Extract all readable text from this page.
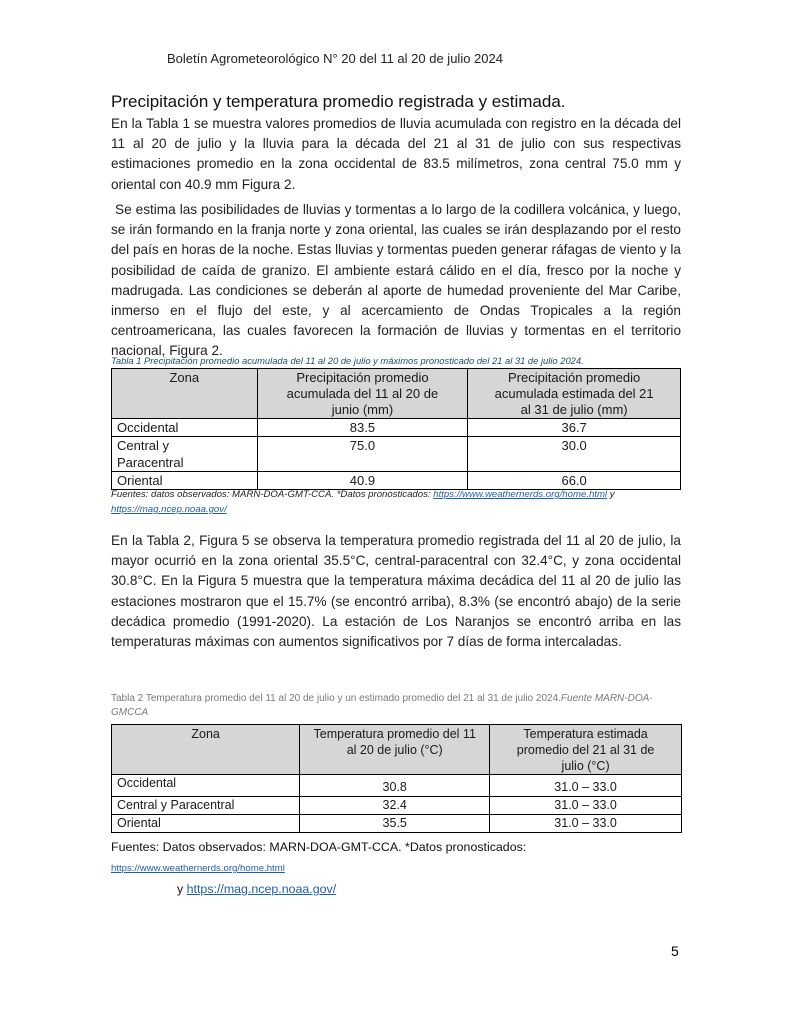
Boletín Agrometeorológico N° 20 del 11 al 20 de julio 2024
Precipitación y temperatura promedio registrada y estimada.

En la Tabla 1 se muestra valores promedios de lluvia acumulada con registro en la década del 11 al 20 de julio y la lluvia para la década del 21 al 31 de julio con sus respectivas estimaciones promedio en la zona occidental de 83.5 milímetros, zona central 75.0 mm y oriental con 40.9 mm Figura 2.

Se estima las posibilidades de lluvias y tormentas a lo largo de la codillera volcánica, y luego, se irán formando en la franja norte y zona oriental, las cuales se irán desplazando por el resto del país en horas de la noche. Estas lluvias y tormentas pueden generar ráfagas de viento y la posibilidad de caída de granizo. El ambiente estará cálido en el día, fresco por la noche y madrugada. Las condiciones se deberán al aporte de humedad proveniente del Mar Caribe, inmerso en el flujo del este, y al acercamiento de Ondas Tropicales a la región centroamericana, las cuales favorecen la formación de lluvias y tormentas en el territorio nacional, Figura 2.

Tabla 1 Precipitación promedio acumulada del 11 al 20 de julio y máximos pronosticado del 21 al 31 de julio 2024.
Zona	Precipitación promedio acumulada del 11 al 20 de junio (mm)	Precipitación promedio acumulada estimada del 21 al 31 de julio (mm)

Occidental	83.5	36.7

Central y Paracentral	75.0	30.0
Oriental	40.9	66.0
Fuentes: datos observados: MARN-DOA-GMT-CCA. *Datos pronosticados: https://www.weathernerds.org/home.html y
https://mag.ncep.noaa.gov/

En la Tabla 2, Figura 5 se observa la temperatura promedio registrada del 11 al 20 de julio, la mayor ocurrió en la zona oriental 35.5°C, central-paracentral con 32.4°C, y zona occidental 30.8°C. En la Figura 5 muestra que la temperatura máxima decádica del 11 al 20 de julio las estaciones mostraron que el 15.7% (se encontró arriba), 8.3% (se encontró abajo) de la serie decádica promedio (1991-2020). La estación de Los Naranjos se encontró arriba en las temperaturas máximas con aumentos significativos por 7 días de forma intercaladas.

Tabla 2 Temperatura promedio del 11 al 20 de julio y un estimado promedio del 21 al 31 de julio 2024.Fuente MARN-DOA-GMCCA
Zona	Temperatura promedio del 11 al 20 de julio (°C)	Temperatura estimada promedio del 21 al 31 de julio (°C)

Occidental	30.8	31.0 – 33.0
Central y Paracentral	32.4	31.0 – 33.0
Oriental	35.5	31.0 – 33.0
Fuentes: Datos observados: MARN-DOA-GMT-CCA. *Datos pronosticados: https://www.weathernerds.org/home.html
y https://mag.ncep.noaa.gov/
5
